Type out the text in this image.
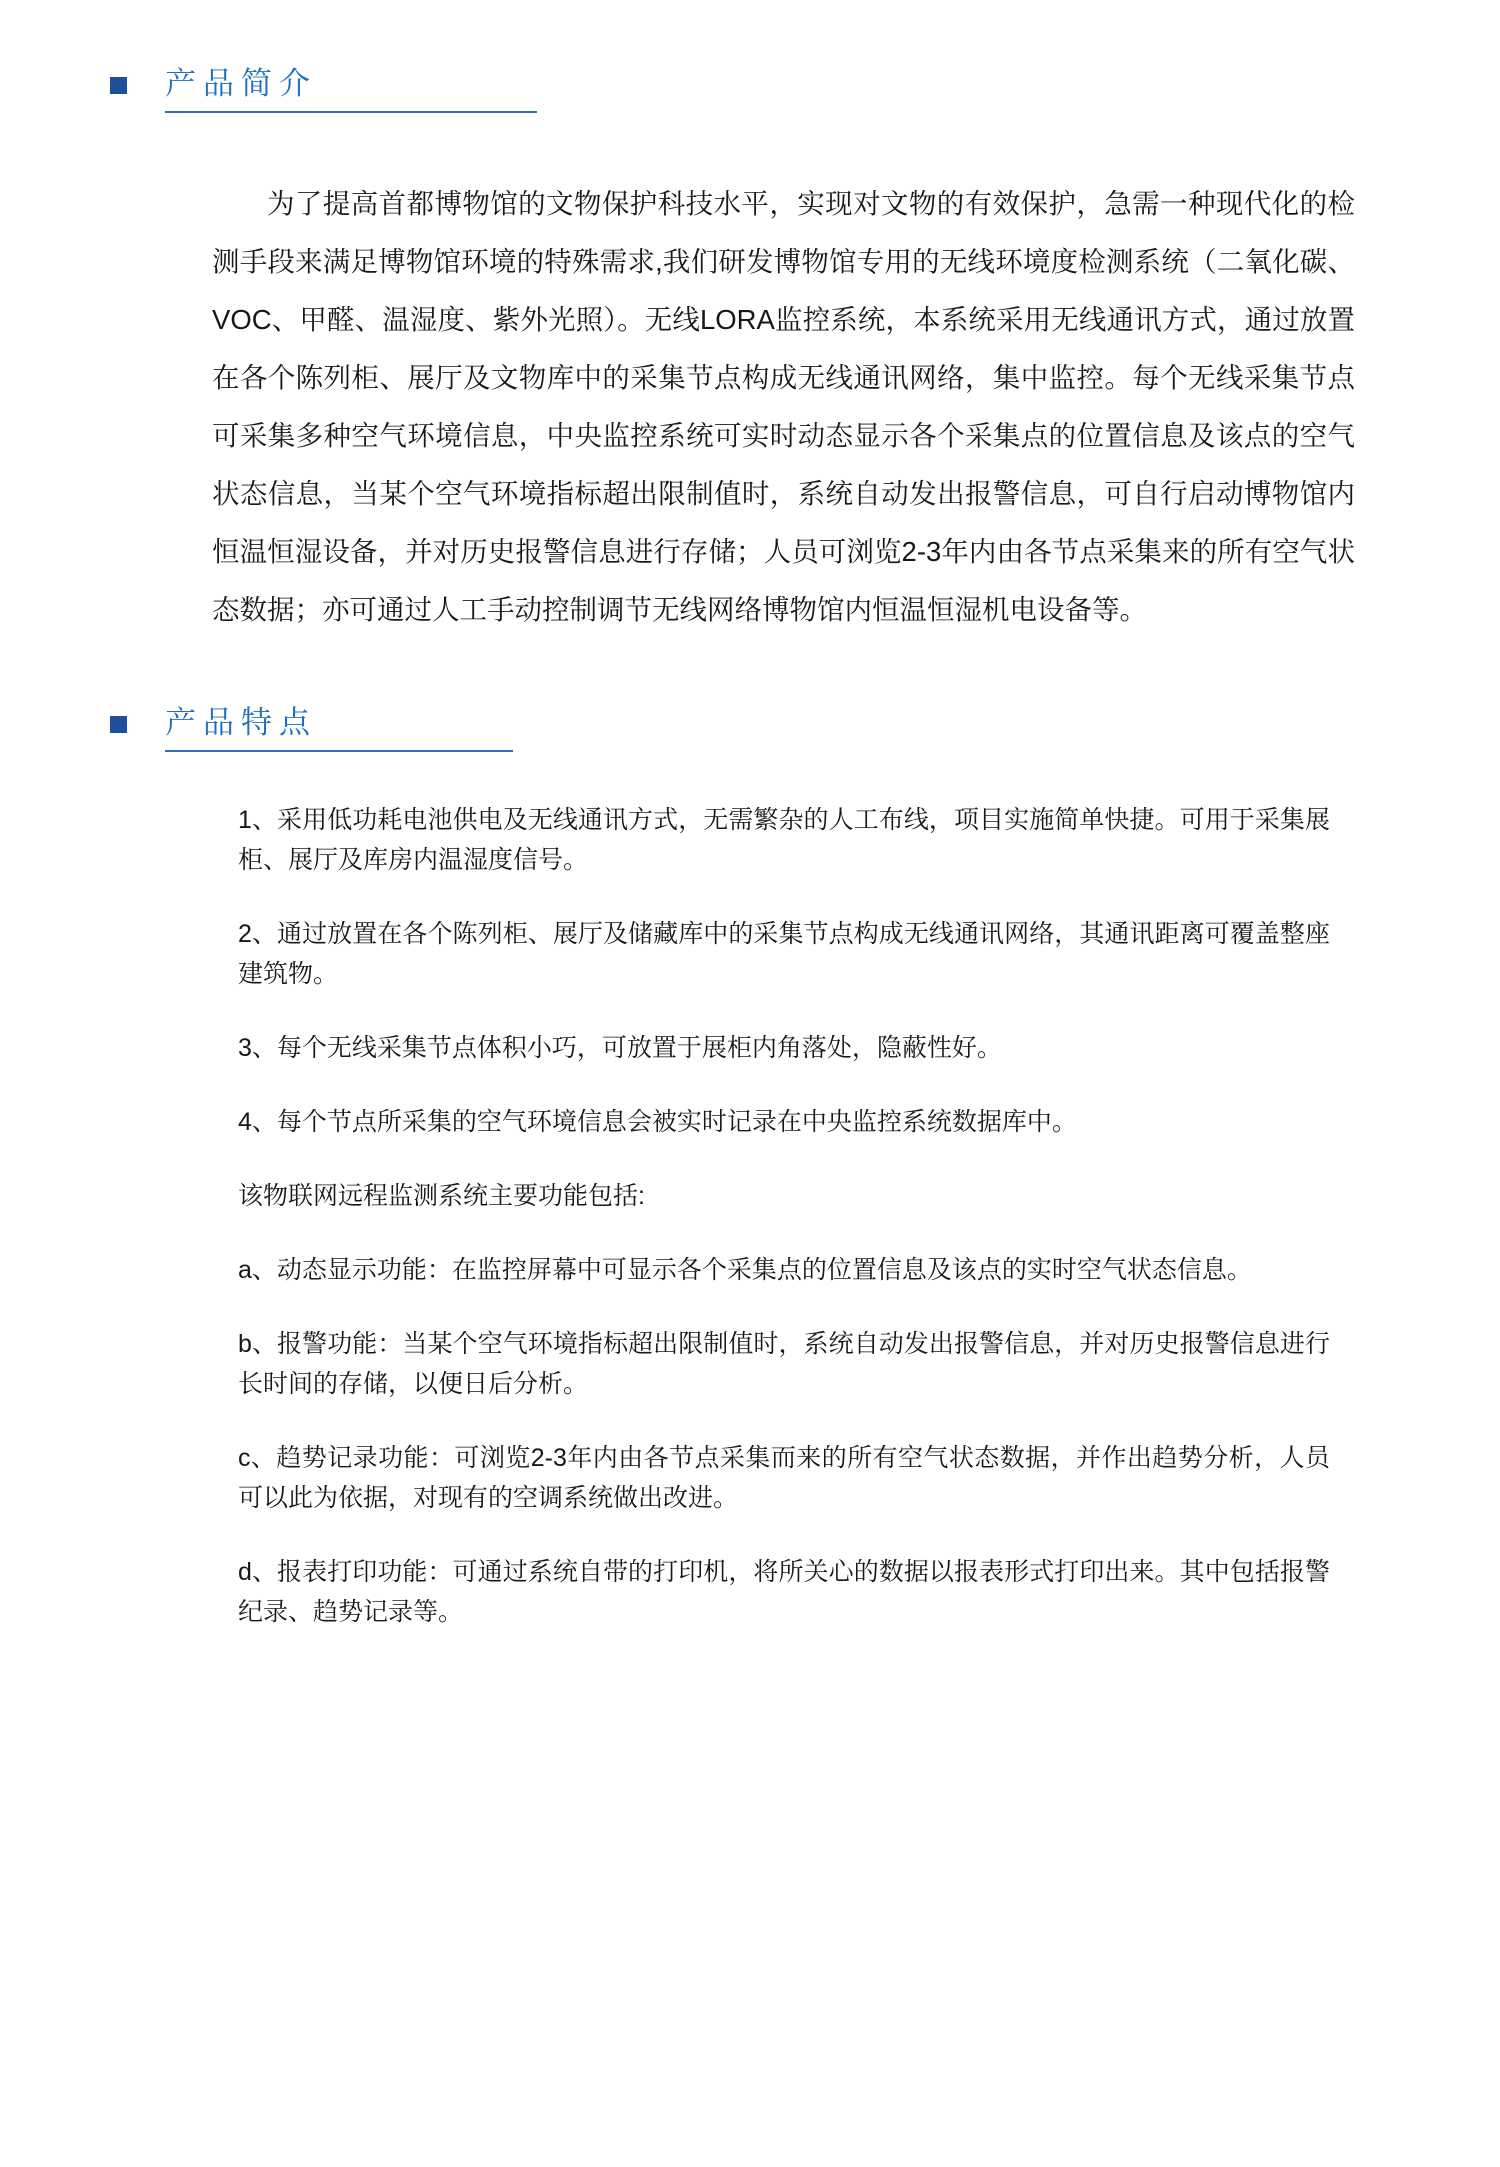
产品简介

为了提高首都博物馆的文物保护科技水平，实现对文物的有效保护，急需一种现代化的检测手段来满足博物馆环境的特殊需求,我们研发博物馆专用的无线环境度检测系统（二氧化碳、VOC、甲醛、温湿度、紫外光照）。无线LORA监控系统，本系统采用无线通讯方式，通过放置在各个陈列柜、展厅及文物库中的采集节点构成无线通讯网络，集中监控。每个无线采集节点可采集多种空气环境信息，中央监控系统可实时动态显示各个采集点的位置信息及该点的空气状态信息，当某个空气环境指标超出限制值时，系统自动发出报警信息，可自行启动博物馆内恒温恒湿设备，并对历史报警信息进行存储；人员可浏览2-3年内由各节点采集来的所有空气状态数据；亦可通过人工手动控制调节无线网络博物馆内恒温恒湿机电设备等。

产品特点

1、采用低功耗电池供电及无线通讯方式，无需繁杂的人工布线，项目实施简单快捷。可用于采集展柜、展厅及库房内温湿度信号。

2、通过放置在各个陈列柜、展厅及储藏库中的采集节点构成无线通讯网络，其通讯距离可覆盖整座建筑物。

3、每个无线采集节点体积小巧，可放置于展柜内角落处，隐蔽性好。

4、每个节点所采集的空气环境信息会被实时记录在中央监控系统数据库中。

该物联网远程监测系统主要功能包括:

a、动态显示功能：在监控屏幕中可显示各个采集点的位置信息及该点的实时空气状态信息。

b、报警功能：当某个空气环境指标超出限制值时，系统自动发出报警信息，并对历史报警信息进行长时间的存储，以便日后分析。

c、趋势记录功能：可浏览2-3年内由各节点采集而来的所有空气状态数据，并作出趋势分析，人员可以此为依据，对现有的空调系统做出改进。

d、报表打印功能：可通过系统自带的打印机，将所关心的数据以报表形式打印出来。其中包括报警纪录、趋势记录等。
